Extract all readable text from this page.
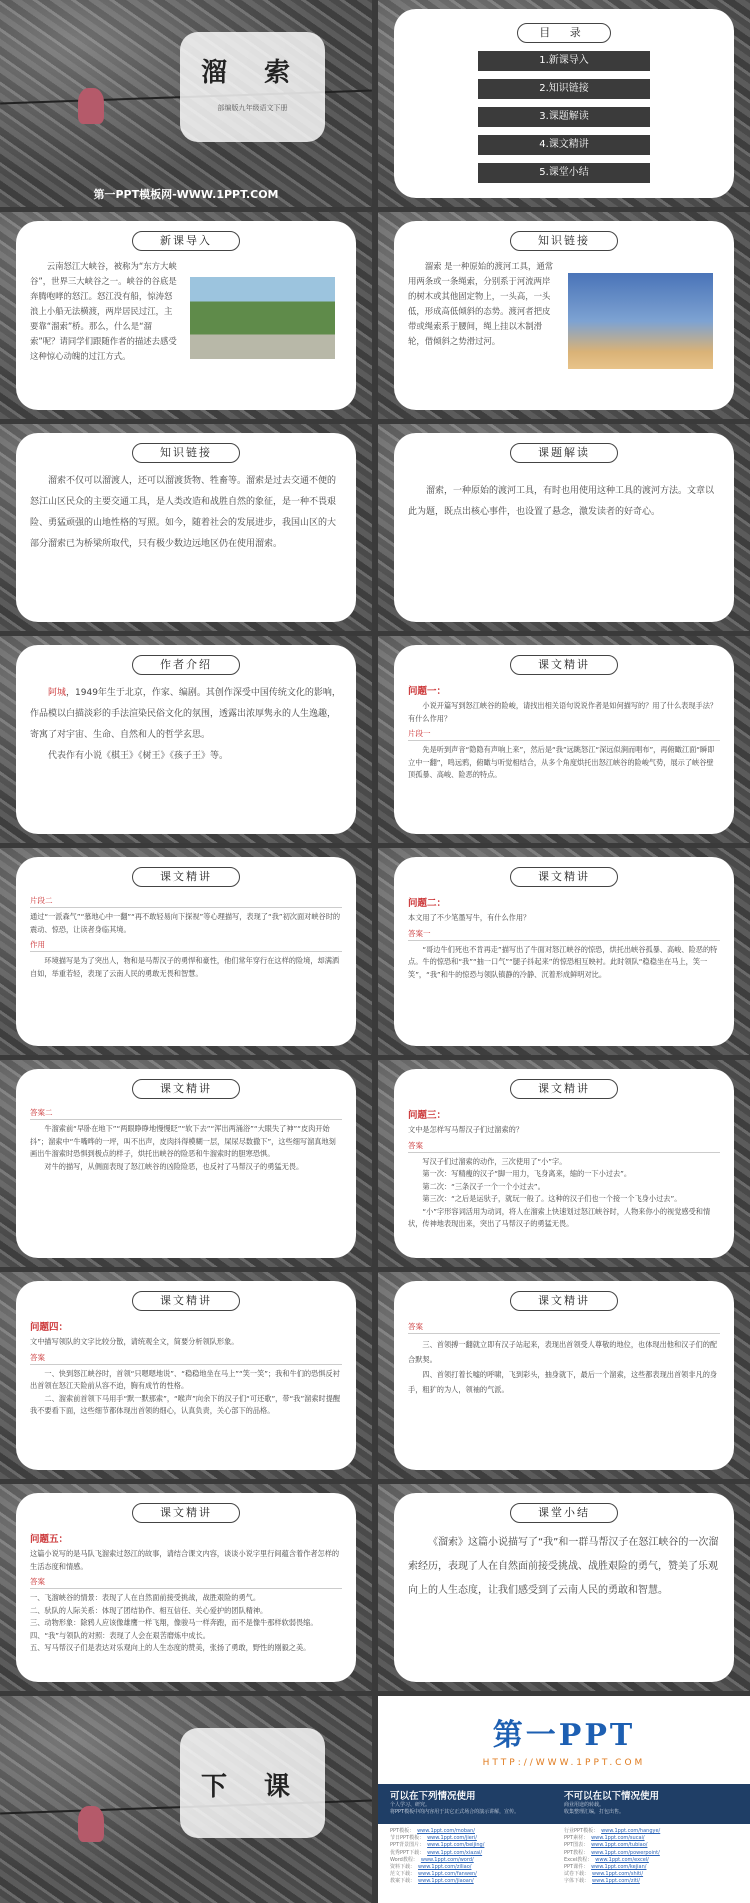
溜 索
部编版九年级语文下册
第一PPT模板网-WWW.1PPT.COM
目 录
1.新课导入
2.知识链接
3.课题解读
4.课文精讲
5.课堂小结
新课导入
云南怒江大峡谷，被称为“东方大峡谷”，世界三大峡谷之一。峡谷的谷底是奔腾咆哮的怒江。怒江没有船，惊涛怒浪上小船无法横渡，两岸居民过江，主要靠“溜索”桥。那么，什么是“溜索”呢？请同学们跟随作者的描述去感受这种惊心动魄的过江方式。
知识链接
溜索 是一种原始的渡河工具，通常用两条或一条绳索，分别系于河流两岸的树木或其他固定物上，一头高，一头低，形成高低倾斜的态势。渡河者把皮带或绳索系于腰间，绳上挂以木制滑轮，借倾斜之势滑过河。
知识链接
溜索不仅可以溜渡人，还可以溜渡货物、牲畜等。溜索是过去交通不便的怒江山区民众的主要交通工具，是人类改造和战胜自然的象征，是一种不畏艰险、勇猛顽强的山地性格的写照。如今，随着社会的发展进步，我国山区的大部分溜索已为桥梁所取代，只有极少数边远地区仍在使用溜索。
课题解读
溜索，一种原始的渡河工具，有时也用使用这种工具的渡河方法。文章以此为题，既点出核心事件，也设置了悬念，激发读者的好奇心。
作者介绍
阿城，1949年生于北京，作家、编剧。其创作深受中国传统文化的影响，作品模以白描淡彩的手法渲染民俗文化的氛围，透露出浓厚隽永的人生逸趣，寄寓了对宇宙、生命、自然和人的哲学玄思。
代表作有小说《棋王》《树王》《孩子王》等。
课文精讲
问题一：
小说开篇写到怒江峡谷的险峻，请找出相关语句说说作者是如何描写的？用了什么表现手法？有什么作用？
片段一
先是听到声音“隐隐有声响上来”，然后是“我”远眺怒江“深远似涧而唱布”，再俯瞰江面“瞬即立中一翻”，鸣远鸦，俯瞰与听觉相结合，从多个角度烘托出怒江峡谷的险峻气势，展示了峡谷壁顶孤暴、高峻、险恶的特点。
课文精讲
片段二
通过“一派森气”“慕地心中一翻”“再不敢轻易向下探视”等心理描写，表现了“我”初次面对峡谷时的震动、惊恐，让读者身临其境。
作用
环境描写是为了突出人，物和是马帮汉子的勇悍和豪性，他们常年穿行在这样的险境，却满洒自如，举重若轻，表现了云南人民的勇敢无畏和智慧。
课文精讲
问题二：
本文用了不少笔墨写牛，有什么作用？
答案一
“哥边牛们死也不肯再走”描写出了牛面对怒江峡谷的惊恐，烘托出峡谷孤暴、高峻、险恶的特点。牛的惊恐和“我”“抽一口气”“腿子抖起来”的惊恐相互映衬。此时领队“稳稳坐在马上，笑一笑”，“我”和牛的惊恐与领队镇静的冷静、沉着形成鲜明对比。
课文精讲
答案二
牛溜索前“早卧在地下”“两眼睁睁地慢慢眨”“软下去”“浑出两涌浴”“大眼失了神”“皮肉开始抖”；溜索中“牛嘴哗的一坪，叫不出声，皮肉抖得模糊一层，屎尿尽数撒下”，这些细写溜真地刻画出牛溜索时恐惧到极点的样子，烘托出峡谷的险恶和牛溜索时的胆寒恐惧。
对牛的描写，从侧面表现了怒江峡谷的凶险险恶，也反衬了马帮汉子的勇猛无畏。
课文精讲
问题三：
文中是怎样写马帮汉子们过溜索的？
答案
写汉子们过溜索的动作，三次使用了“小”字。
第一次：写精瘦的汉子“脚一用力，飞身离来，缩的一下小过去”。
第二次：“三条汉子一个一个小过去”。
第三次：“之后是运驮子，就玩一般了。这种的汉子们也一个接一个飞身小过去”。
“小”字形容词活用为动词，将人在溜索上快速划过怒江峡谷时，人物来你小的视觉感受和情状，传神地表现出来，突出了马帮汉子的勇猛无畏。
课文精讲
问题四：
文中描写领队的文字比较分散，请统观全文，简要分析领队形象。
答案
一、快到怒江峡谷时，首领“只嗯嗯地说”、“稳稳地坐在马上”“笑一笑”；我和牛们的恐惧反衬出首领在怒江天险前从容不迫，胸有成竹的性格。
二、溜索前首领下马用手“默一默那索”，“喉声”向余下的汉子们“可还歌”，带“我”溜索时提醒我不要看下面，这些细节都体现出首领的细心，认真负责，关心部下的品格。
课文精讲
答案
三、首领搏一翻就立即有汉子站起来，表现出首领受人尊敬的地位，也体现出他和汉子们的配合默契。
四、首领打着长嘘的呼啸，飞到彩头，抽身就下，最后一个溜索，这些都表现出首领非凡的身手，粗犷的为人，领袖的气派。
课文精讲
问题五：
这篇小说写的是马队飞溜索过怒江的故事，请结合课文内容，谈谈小说字里行间蕴含着作者怎样的生活态度和情感。
答案
一、飞溜峡谷的情景：表现了人在自然面前接受挑战，战胜艰险的勇气。
二、驮队的人际关系：体现了团结协作、相互信任、关心爱护的团队精神。
三、动物形象：除鸦人应该像雄鹰一样飞翔，像骏马一样奔跑，而不是像牛那样软弱畏缩。
四、“我”与领队的对照：表现了人会在艰苦磨炼中成长。
五、写马帮汉子们是表达对乐观向上的人生态度的赞美，张扬了勇敢，野性的刚毅之美。
课堂小结
《溜索》这篇小说描写了“我”和一群马帮汉子在怒江峡谷的一次溜索经历，表现了人在自然面前接受挑战、战胜艰险的勇气，赞美了乐观向上的人生态度，让我们感受到了云南人民的勇敢和智慧。
下 课
第一PPT
HTTP://WWW.1PPT.COM
可以在下列情况使用
个人学习、研究。
将PPT模板中的内容用于其它正式场合的演示讲解，宣传。
不可以在以下情况使用
商业用途的转载。
收集整理汇编，打包出售。
PPT模板： www.1ppt.com/moban/
节日PPT模板： www.1ppt.com/jieri/
PPT背景图片： www.1ppt.com/beijing/
优秀PPT下载： www.1ppt.com/xiazai/
Word教程： www.1ppt.com/word/
资料下载： www.1ppt.com/ziliao/
范文下载： www.1ppt.com/fanwen/
教案下载： www.1ppt.com/jiaoan/
行业PPT模板： www.1ppt.com/hangye/
PPT素材： www.1ppt.com/sucai/
PPT图表： www.1ppt.com/tubiao/
PPT教程： www.1ppt.com/powerpoint/
Excel教程： www.1ppt.com/excel/
PPT课件： www.1ppt.com/kejian/
试卷下载： www.1ppt.com/shiti/
字体下载： www.1ppt.com/ziti/
